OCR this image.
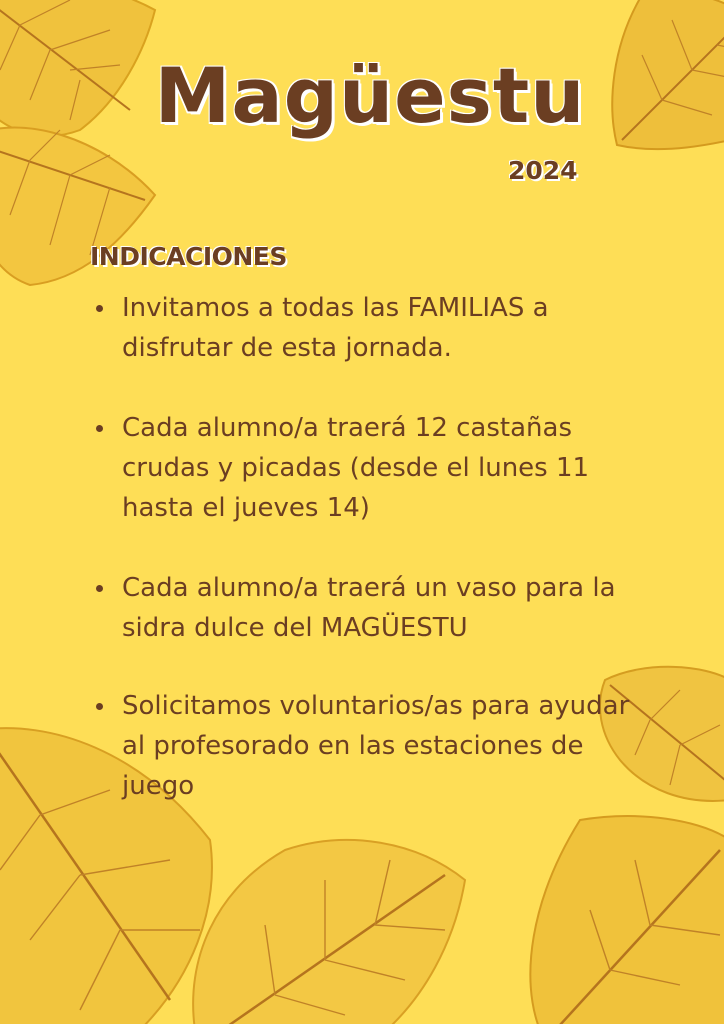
Magüestu
2024
INDICACIONES
Invitamos a todas las FAMILIAS a disfrutar de esta jornada.
Cada alumno/a traerá 12 castañas crudas y picadas (desde el lunes 11 hasta el jueves 14)
Cada alumno/a traerá un vaso para la sidra dulce del MAGÜESTU
Solicitamos voluntarios/as para ayudar al profesorado en las estaciones de juego
